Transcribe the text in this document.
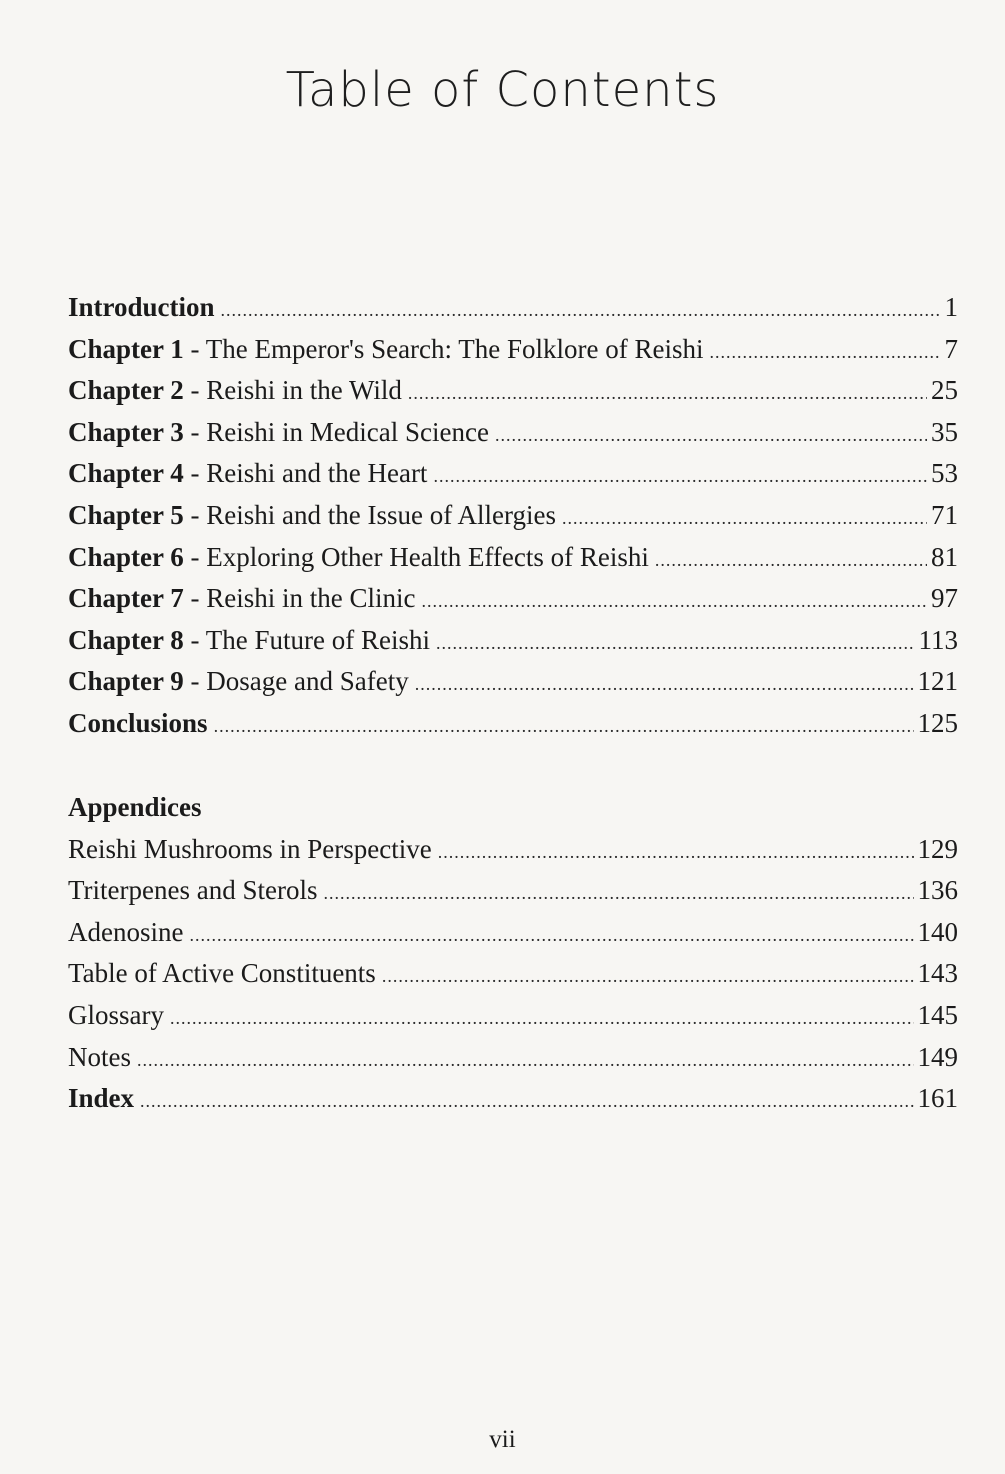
Table of Contents
Introduction .....	1
Chapter 1 - The Emperor's Search: The Folklore of Reishi .....	7
Chapter 2 - Reishi in the Wild .....	25
Chapter 3 - Reishi in Medical Science .....	35
Chapter 4 - Reishi and the Heart .....	53
Chapter 5 - Reishi and the Issue of Allergies .....	71
Chapter 6 - Exploring Other Health Effects of Reishi .....	81
Chapter 7 - Reishi in the Clinic .....	97
Chapter 8 - The Future of Reishi .....	113
Chapter 9 - Dosage and Safety .....	121
Conclusions .....	125
Appendices
Reishi Mushrooms in Perspective .....	129
Triterpenes and Sterols .....	136
Adenosine .....	140
Table of Active Constituents .....	143
Glossary .....	145
Notes .....	149
Index .....	161
vii
